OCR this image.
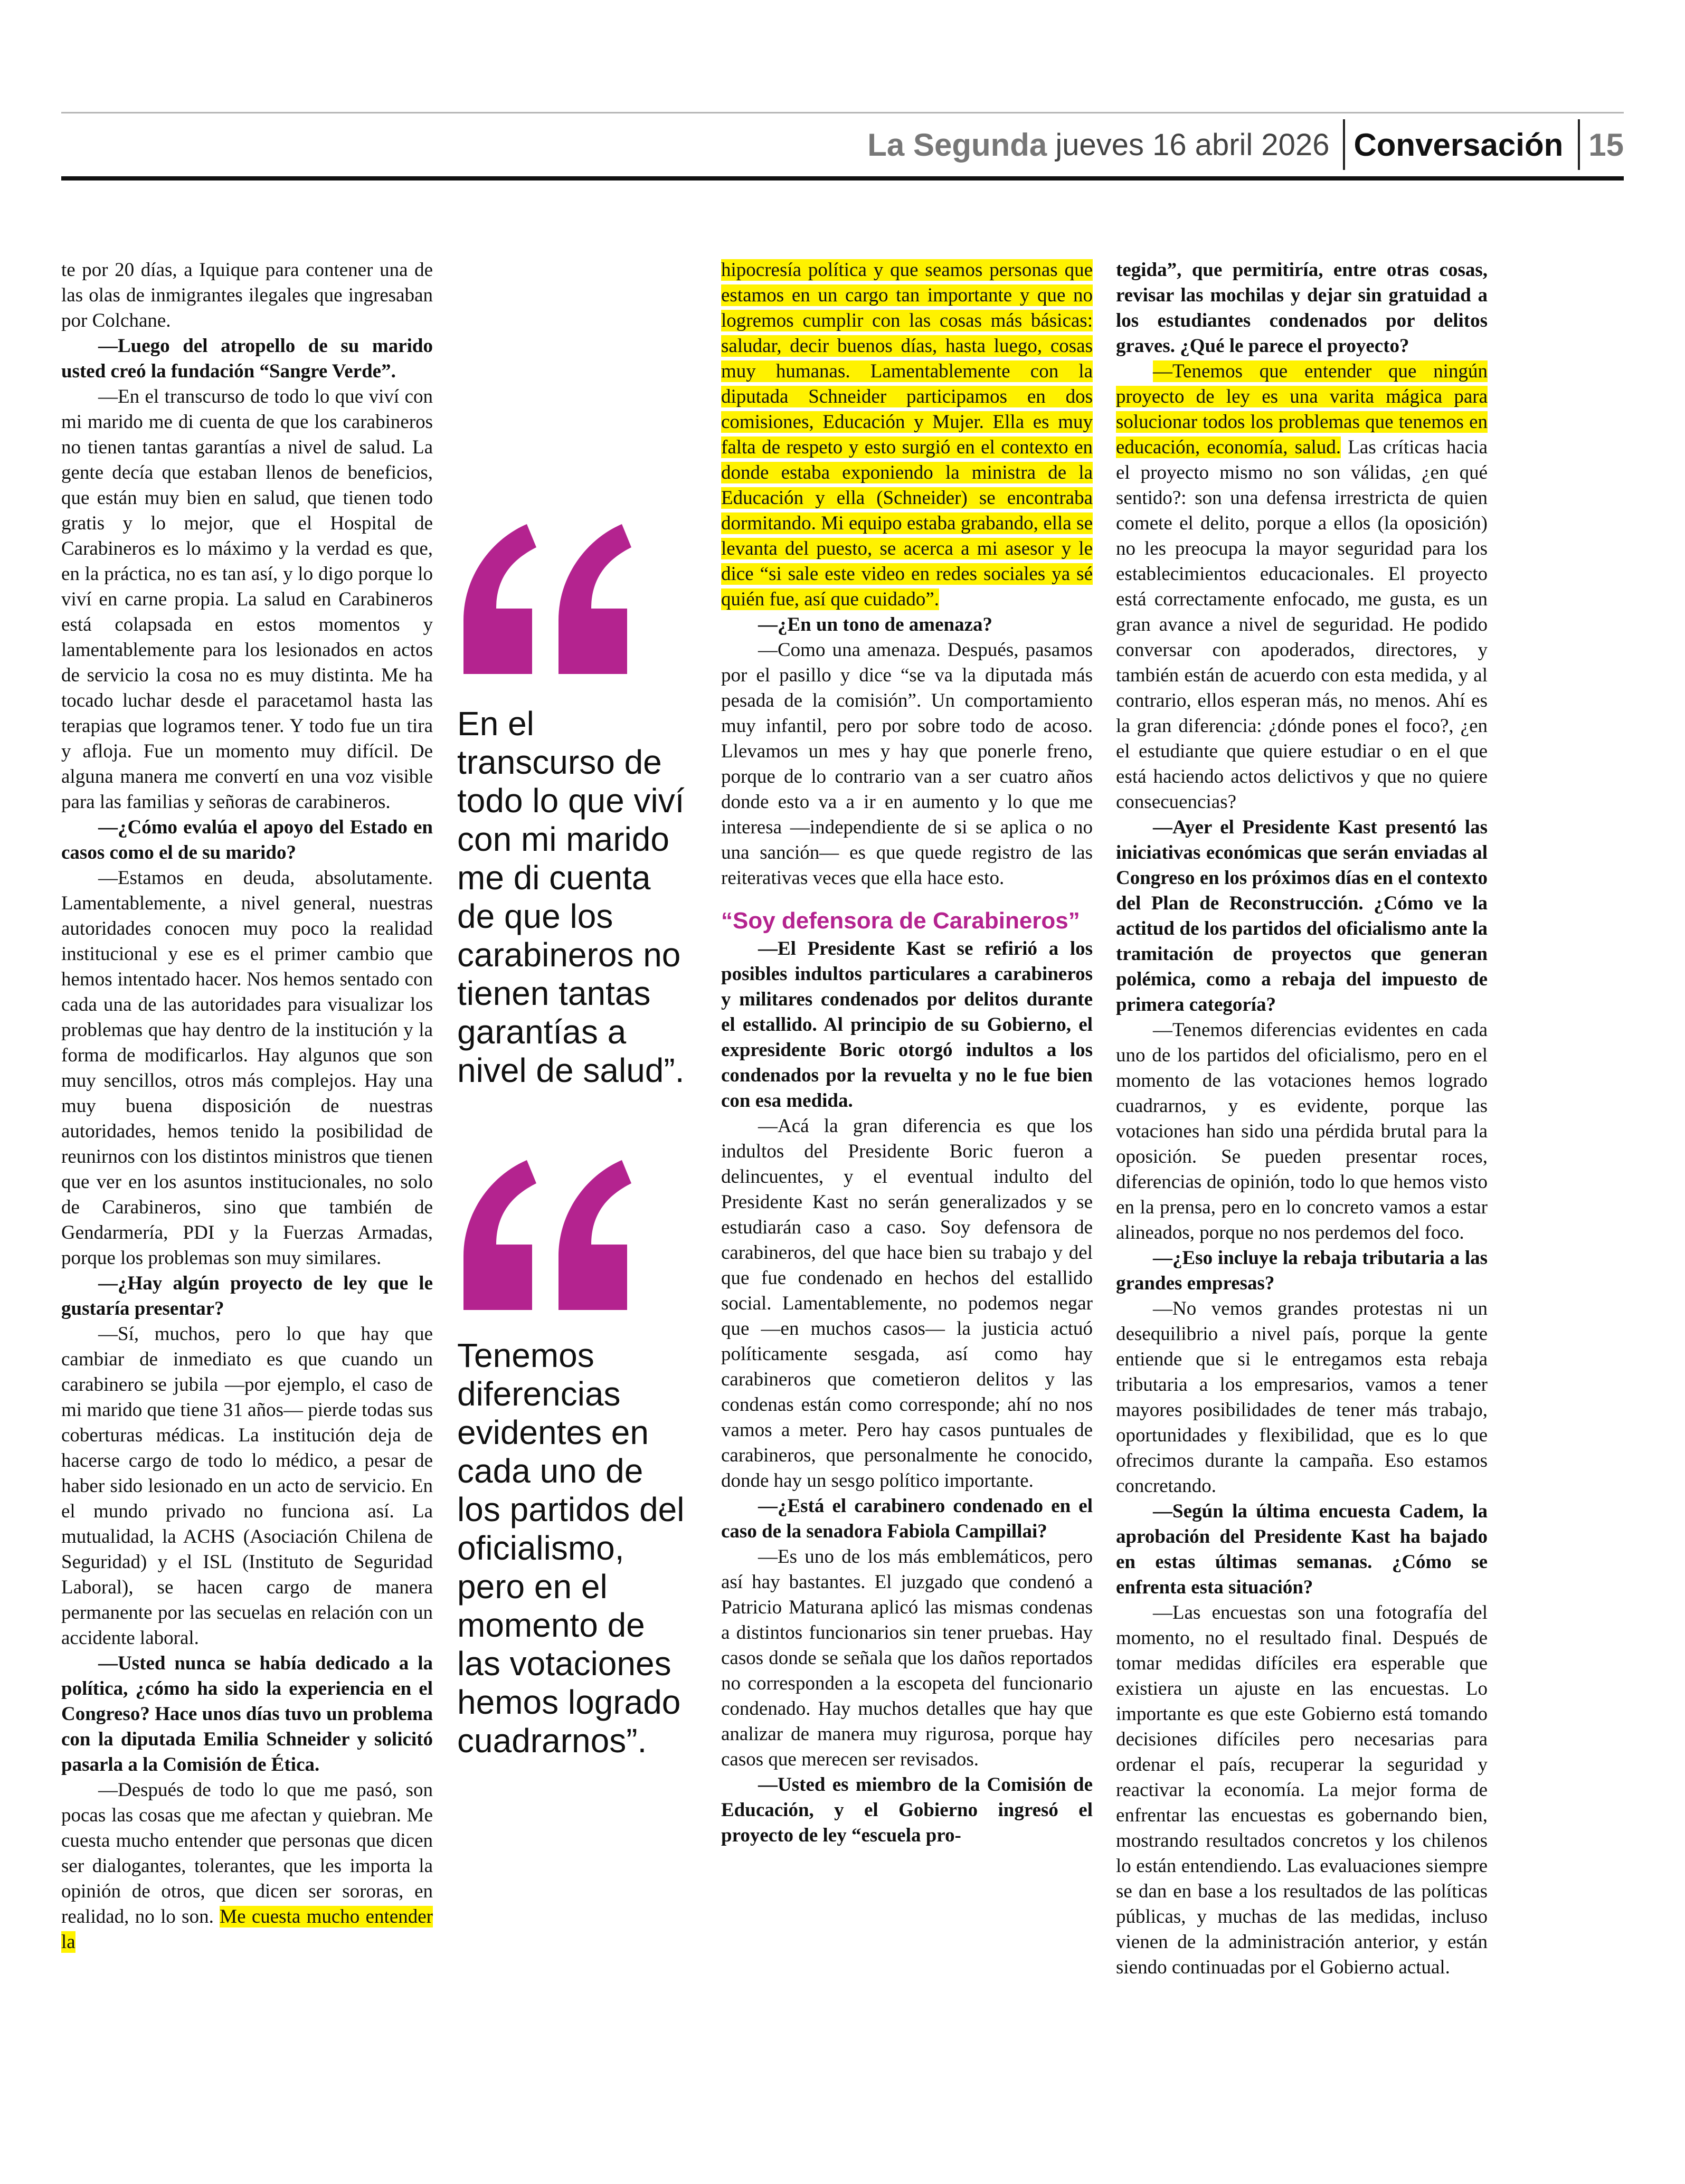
La Segunda jueves 16 abril 2026 Conversación 15

te por 20 días, a Iquique para contener una de las olas de inmigrantes ilegales que ingresaban por Colchane.

—Luego del atropello de su marido usted creó la fundación “Sangre Verde”.

—En el transcurso de todo lo que viví con mi marido me di cuenta de que los carabineros no tienen tantas garantías a nivel de salud. La gente decía que estaban llenos de beneficios, que están muy bien en salud, que tienen todo gratis y lo mejor, que el Hospital de Carabineros es lo máximo y la verdad es que, en la práctica, no es tan así, y lo digo porque lo viví en carne propia. La salud en Carabineros está colapsada en estos momentos y lamentablemente para los lesionados en actos de servicio la cosa no es muy distinta. Me ha tocado luchar desde el paracetamol hasta las terapias que logramos tener. Y todo fue un tira y afloja. Fue un momento muy difícil. De alguna manera me convertí en una voz visible para las familias y señoras de carabineros.

—¿Cómo evalúa el apoyo del Estado en casos como el de su marido?

—Estamos en deuda, absolutamente. Lamentablemente, a nivel general, nuestras autoridades conocen muy poco la realidad institucional y ese es el primer cambio que hemos intentado hacer. Nos hemos sentado con cada una de las autoridades para visualizar los problemas que hay dentro de la institución y la forma de modificarlos. Hay algunos que son muy sencillos, otros más complejos. Hay una muy buena disposición de nuestras autoridades, hemos tenido la posibilidad de reunirnos con los distintos ministros que tienen que ver en los asuntos institucionales, no solo de Carabineros, sino que también de Gendarmería, PDI y la Fuerzas Armadas, porque los problemas son muy similares.

—¿Hay algún proyecto de ley que le gustaría presentar?

—Sí, muchos, pero lo que hay que cambiar de inmediato es que cuando un carabinero se jubila —por ejemplo, el caso de mi marido que tiene 31 años— pierde todas sus coberturas médicas. La institución deja de hacerse cargo de todo lo médico, a pesar de haber sido lesionado en un acto de servicio. En el mundo privado no funciona así. La mutualidad, la ACHS (Asociación Chilena de Seguridad) y el ISL (Instituto de Seguridad Laboral), se hacen cargo de manera permanente por las secuelas en relación con un accidente laboral.

—Usted nunca se había dedicado a la política, ¿cómo ha sido la experiencia en el Congreso? Hace unos días tuvo un problema con la diputada Emilia Schneider y solicitó pasarla a la Comisión de Ética.

—Después de todo lo que me pasó, son pocas las cosas que me afectan y quiebran. Me cuesta mucho entender que personas que dicen ser dialogantes, tolerantes, que les importa la opinión de otros, que dicen ser sororas, en realidad, no lo son. Me cuesta mucho entender la

En el transcurso de todo lo que viví con mi marido me di cuenta de que los carabineros no tienen tantas garantías a nivel de salud”.
Tenemos diferencias evidentes en cada uno de los partidos del oficialismo, pero en el momento de las votaciones hemos logrado cuadrarnos”.

hipocresía política y que seamos personas que estamos en un cargo tan importante y que no logremos cumplir con las cosas más básicas: saludar, decir buenos días, hasta luego, cosas muy humanas. Lamentablemente con la diputada Schneider participamos en dos comisiones, Educación y Mujer. Ella es muy falta de respeto y esto surgió en el contexto en donde estaba exponiendo la ministra de la Educación y ella (Schneider) se encontraba dormitando. Mi equipo estaba grabando, ella se levanta del puesto, se acerca a mi asesor y le dice “si sale este video en redes sociales ya sé quién fue, así que cuidado”.

—¿En un tono de amenaza?

—Como una amenaza. Después, pasamos por el pasillo y dice “se va la diputada más pesada de la comisión”. Un comportamiento muy infantil, pero por sobre todo de acoso. Llevamos un mes y hay que ponerle freno, porque de lo contrario van a ser cuatro años donde esto va a ir en aumento y lo que me interesa —independiente de si se aplica o no una sanción— es que quede registro de las reiterativas veces que ella hace esto.

“Soy defensora de Carabineros”

—El Presidente Kast se refirió a los posibles indultos particulares a carabineros y militares condenados por delitos durante el estallido. Al principio de su Gobierno, el expresidente Boric otorgó indultos a los condenados por la revuelta y no le fue bien con esa medida.

—Acá la gran diferencia es que los indultos del Presidente Boric fueron a delincuentes, y el eventual indulto del Presidente Kast no serán generalizados y se estudiarán caso a caso. Soy defensora de carabineros, del que hace bien su trabajo y del que fue condenado en hechos del estallido social. Lamentablemente, no podemos negar que —en muchos casos— la justicia actuó políticamente sesgada, así como hay carabineros que cometieron delitos y las condenas están como corresponde; ahí no nos vamos a meter. Pero hay casos puntuales de carabineros, que personalmente he conocido, donde hay un sesgo político importante.

—¿Está el carabinero condenado en el caso de la senadora Fabiola Campillai?

—Es uno de los más emblemáticos, pero así hay bastantes. El juzgado que condenó a Patricio Maturana aplicó las mismas condenas a distintos funcionarios sin tener pruebas. Hay casos donde se señala que los daños reportados no corresponden a la escopeta del funcionario condenado. Hay muchos detalles que hay que analizar de manera muy rigurosa, porque hay casos que merecen ser revisados.

—Usted es miembro de la Comisión de Educación, y el Gobierno ingresó el proyecto de ley “escuela pro-

tegida”, que permitiría, entre otras cosas, revisar las mochilas y dejar sin gratuidad a los estudiantes condenados por delitos graves. ¿Qué le parece el proyecto?

—Tenemos que entender que ningún proyecto de ley es una varita mágica para solucionar todos los problemas que tenemos en educación, economía, salud. Las críticas hacia el proyecto mismo no son válidas, ¿en qué sentido?: son una defensa irrestricta de quien comete el delito, porque a ellos (la oposición) no les preocupa la mayor seguridad para los establecimientos educacionales. El proyecto está correctamente enfocado, me gusta, es un gran avance a nivel de seguridad. He podido conversar con apoderados, directores, y también están de acuerdo con esta medida, y al contrario, ellos esperan más, no menos. Ahí es la gran diferencia: ¿dónde pones el foco?, ¿en el estudiante que quiere estudiar o en el que está haciendo actos delictivos y que no quiere consecuencias?

—Ayer el Presidente Kast presentó las iniciativas económicas que serán enviadas al Congreso en los próximos días en el contexto del Plan de Reconstrucción. ¿Cómo ve la actitud de los partidos del oficialismo ante la tramitación de proyectos que generan polémica, como a rebaja del impuesto de primera categoría?

—Tenemos diferencias evidentes en cada uno de los partidos del oficialismo, pero en el momento de las votaciones hemos logrado cuadrarnos, y es evidente, porque las votaciones han sido una pérdida brutal para la oposición. Se pueden presentar roces, diferencias de opinión, todo lo que hemos visto en la prensa, pero en lo concreto vamos a estar alineados, porque no nos perdemos del foco.

—¿Eso incluye la rebaja tributaria a las grandes empresas?

—No vemos grandes protestas ni un desequilibrio a nivel país, porque la gente entiende que si le entregamos esta rebaja tributaria a los empresarios, vamos a tener mayores posibilidades de tener más trabajo, oportunidades y flexibilidad, que es lo que ofrecimos durante la campaña. Eso estamos concretando.

—Según la última encuesta Cadem, la aprobación del Presidente Kast ha bajado en estas últimas semanas. ¿Cómo se enfrenta esta situación?

—Las encuestas son una fotografía del momento, no el resultado final. Después de tomar medidas difíciles era esperable que existiera un ajuste en las encuestas. Lo importante es que este Gobierno está tomando decisiones difíciles pero necesarias para ordenar el país, recuperar la seguridad y reactivar la economía. La mejor forma de enfrentar las encuestas es gobernando bien, mostrando resultados concretos y los chilenos lo están entendiendo. Las evaluaciones siempre se dan en base a los resultados de las políticas públicas, y muchas de las medidas, incluso vienen de la administración anterior, y están siendo continuadas por el Gobierno actual.
